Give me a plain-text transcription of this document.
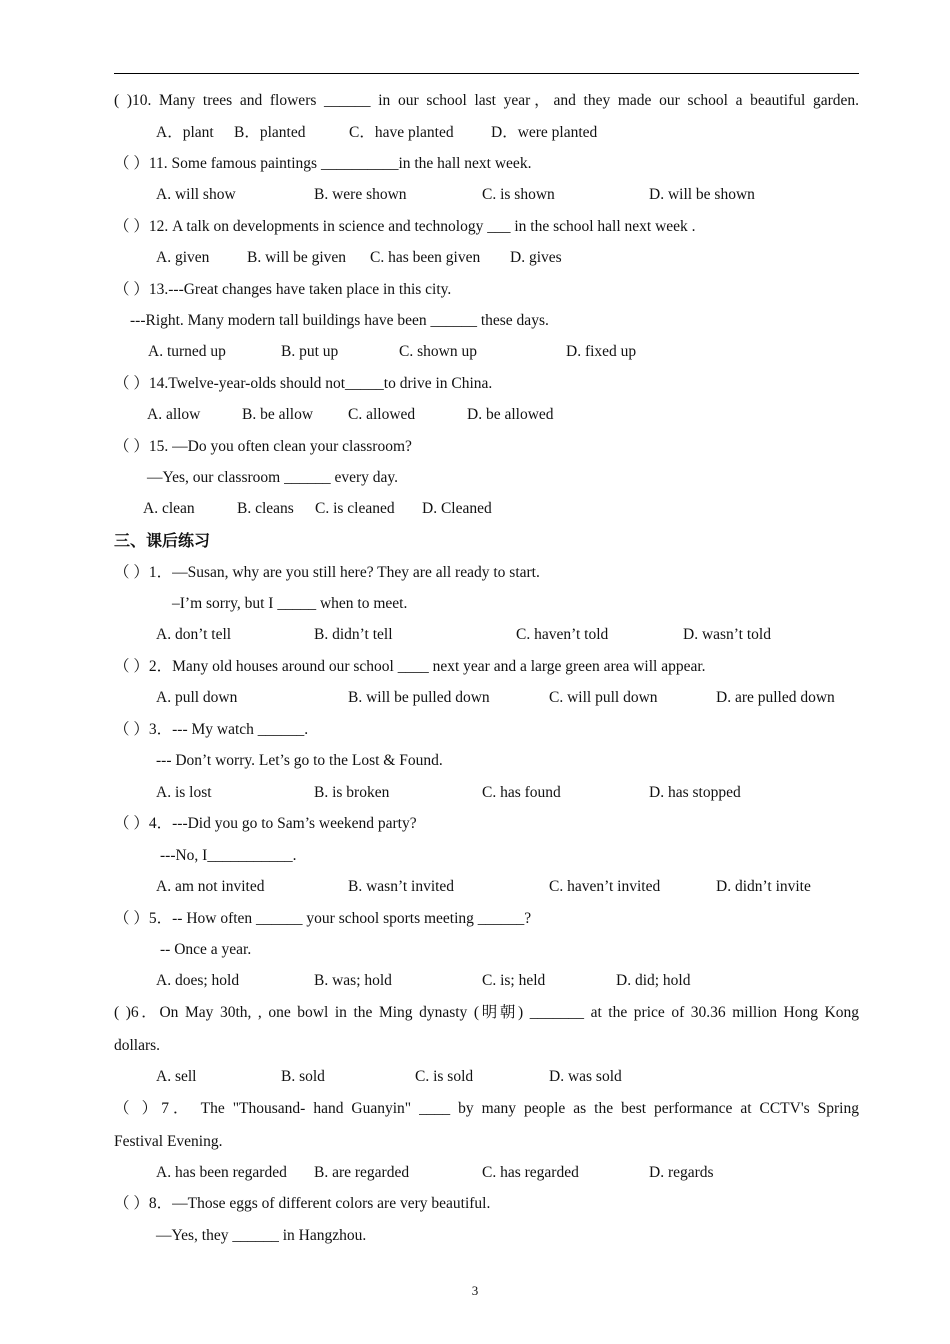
( )10. Many trees and flowers ______ in our school last year，and they made our school a beautiful garden.
A．plant B．planted	C．have planted D．were planted
（ ）11. Some famous paintings __________in the hall next week.
A. will show	B. were shown	C. is shown	D. will be shown
（ ）12. A talk on developments in science and technology ___ in the school hall next week .
A. given B. will be given C. has been given D. gives
（ ）13.---Great changes have taken place in this city.
---Right. Many modern tall buildings have been ______ these days.
A. turned up	B. put up	C. shown up	D. fixed up
（ ）14.Twelve-year-olds should not_____to drive in China.
A. allow	B. be allow C. allowed	D. be allowed
（ ）15. —Do you often clean your classroom?
—Yes, our classroom ______ every day.
A. clean	B. cleans C. is cleaned D. Cleaned
三、课后练习
（ ）1．—Susan, why are you still here? They are all ready to start.
–I’m sorry, but I _____ when to meet.
A. don’t tell	B. didn’t tell	C. haven’t told	D. wasn’t told
（ ）2．Many old houses around our school ____ next year and a large green area will appear.
A. pull down	B. will be pulled down	C. will pull down	D. are pulled down
（ ）3．--- My watch ______.
--- Don’t worry. Let’s go to the Lost & Found.
A. is lost	B. is broken	C. has found	D. has stopped
（ ）4．---Did you go to Sam’s weekend party?
---No, I___________.
A. am not invited	B. wasn’t invited	C. haven’t invited	D. didn’t invite
（ ）5．-- How often ______ your school sports meeting ______?
-- Once a year.
A. does; hold	B. was; hold	C. is; held	D. did; hold
( )6．On May 30th, , one bowl in the Ming dynasty (明朝) _______ at the price of 30.36 million Hong Kong
dollars.
A. sell	B. sold	C. is sold	D. was sold
（ ）7． The "Thousand- hand Guanyin" ____ by many people as the best performance at CCTV's Spring
Festival Evening.
A. has been regarded B. are regarded	C. has regarded	D. regards
（ ）8．—Those eggs of different colors are very beautiful.
—Yes, they ______ in Hangzhou.
3
